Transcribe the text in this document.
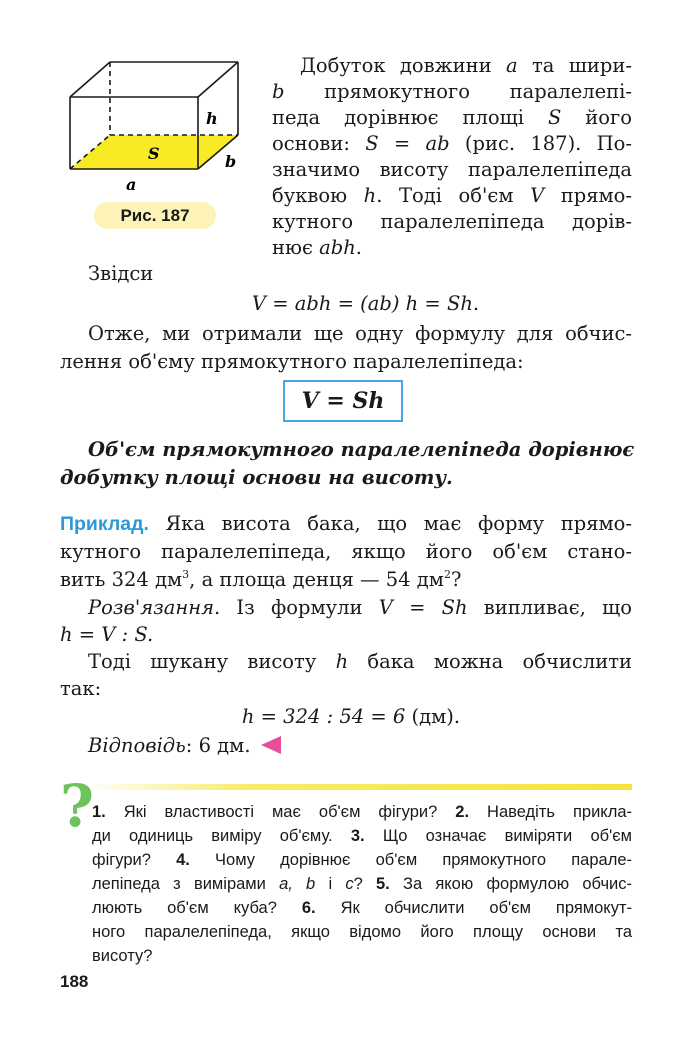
S
h
b
a
Рис. 187
Добуток довжини a та шири-
b прямокутного паралелепі-
педа дорівнює площі S його
основи: S = ab (рис. 187). По-
значимо висоту паралелепіпеда
буквою h. Тоді об'єм V прямо-
кутного паралелепіпеда дорів-
нює abh.
Звідси
V = abh = (ab) h = Sh.
Отже, ми отримали ще одну формулу для обчис-
лення об'єму прямокутного паралелепіпеда:
V = Sh
Об'єм прямокутного паралелепіпеда дорівнює
добутку площі основи на висоту.
Приклад. Яка висота бака, що має форму прямо-
кутного паралелепіпеда, якщо його об'єм стано-
вить 324 $дм^3$, а площа денця — 54 $дм^2$?
Розв'язання. Із формули V = Sh випливає, що
h = V : S.
Тоді шукану висоту h бака можна обчислити
так:
h = 324 : 54 = 6 (дм).
Відповідь: 6 дм.
?
1. Які властивості має об'єм фігури? 2. Наведіть прикла-
ди одиниць виміру об'єму. 3. Що означає виміряти об'єм
фігури? 4. Чому дорівнює об'єм прямокутного парале-
лепіпеда з вимірами a, b і c? 5. За якою формулою обчис-
люють об'єм куба? 6. Як обчислити об'єм прямокут-
ного паралелепіпеда, якщо відомо його площу основи та
висоту?
188
